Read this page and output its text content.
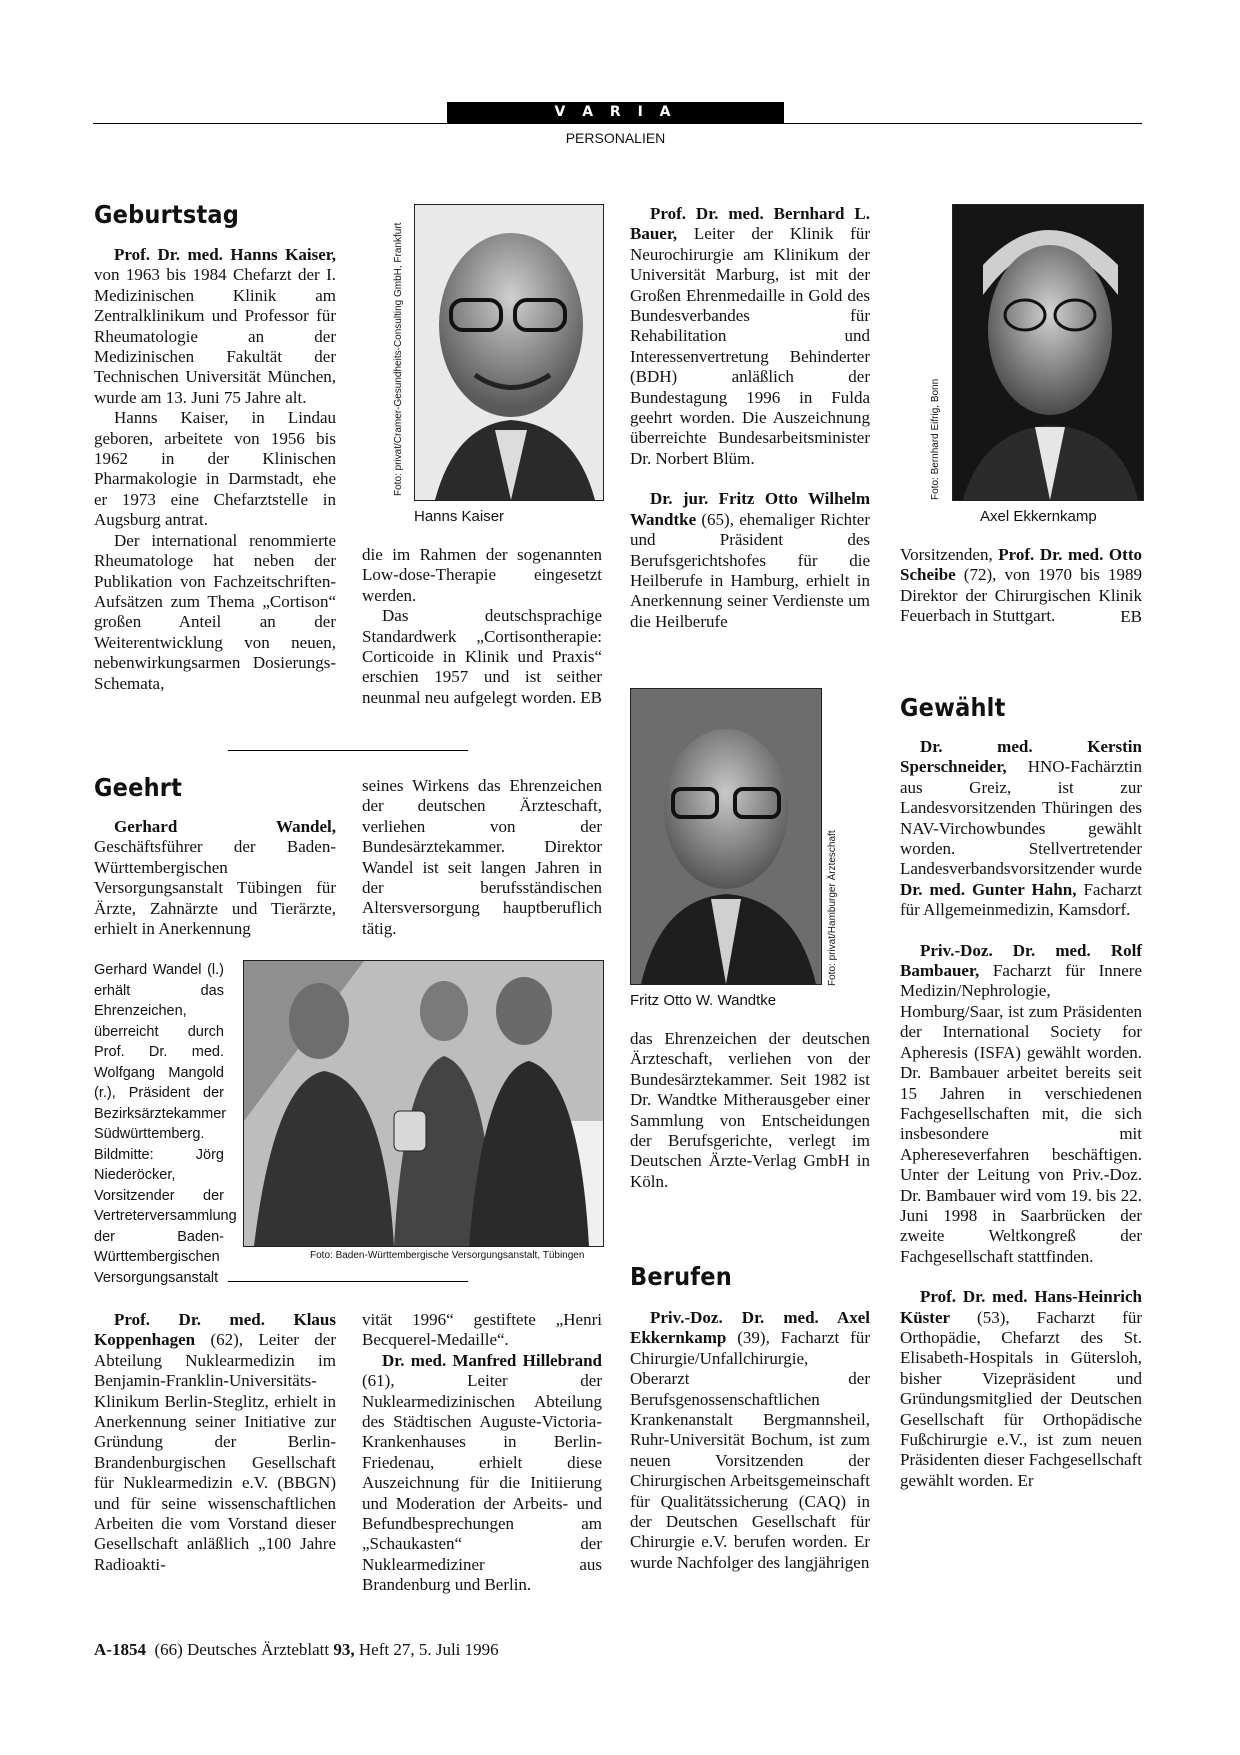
V A R I A
PERSONALIEN
Geburtstag

Prof. Dr. med. Hanns Kaiser, von 1963 bis 1984 Chefarzt der I. Medizinischen Klinik am Zentralklinikum und Professor für Rheumatologie an der Medizinischen Fakultät der Technischen Universität München, wurde am 13. Juni 75 Jahre alt.

Hanns Kaiser, in Lindau geboren, arbeitete von 1956 bis 1962 in der Klinischen Pharmakologie in Darmstadt, ehe er 1973 eine Chefarztstelle in Augsburg antrat.

Der international renommierte Rheumatologe hat neben der Publikation von Fachzeitschriften-Aufsätzen zum Thema „Cortison“ großen Anteil an der Weiterentwicklung von neuen, nebenwirkungsarmen Dosierungs-Schemata,

Foto: privat/Cramer-Gesundheits-Consulting GmbH, Frankfurt
Hanns Kaiser

die im Rahmen der sogenannten Low-dose-Therapie eingesetzt werden.

Das deutschsprachige Standardwerk „Cortisontherapie: Corticoide in Klinik und Praxis“ erschien 1957 und ist seither neunmal neu aufgelegt worden. EB
Geehrt

Gerhard Wandel, Geschäftsführer der Baden-Württembergischen Versorgungsanstalt Tübingen für Ärzte, Zahnärzte und Tierärzte, erhielt in Anerkennung

seines Wirkens das Ehrenzeichen der deutschen Ärzteschaft, verliehen von der Bundesärztekammer. Direktor Wandel ist seit langen Jahren in der berufsständischen Altersversorgung hauptberuflich tätig.

Gerhard Wandel (l.) erhält das Ehrenzeichen, überreicht durch Prof. Dr. med. Wolfgang Mangold (r.), Präsident der Bezirksärztekammer Südwürttemberg. Bildmitte: Jörg Niederöcker, Vorsitzender der Vertreterversammlung der Baden-Württembergischen Versorgungsanstalt
Foto: Baden-Württembergische Versorgungsanstalt, Tübingen

Prof. Dr. med. Klaus Koppenhagen (62), Leiter der Abteilung Nuklearmedizin im Benjamin-Franklin-Universitäts-Klinikum Berlin-Steglitz, erhielt in Anerkennung seiner Initiative zur Gründung der Berlin-Brandenburgischen Gesellschaft für Nuklearmedizin e.V. (BBGN) und für seine wissenschaftlichen Arbeiten die vom Vorstand dieser Gesellschaft anläßlich „100 Jahre Radioakti-

vität 1996“ gestiftete „Henri Becquerel-Medaille“.

Dr. med. Manfred Hillebrand (61), Leiter der Nuklearmedizinischen Abteilung des Städtischen Auguste-Victoria-Krankenhauses in Berlin-Friedenau, erhielt diese Auszeichnung für die Initiierung und Moderation der Arbeits- und Befundbesprechungen am „Schaukasten“ der Nuklearmediziner aus Brandenburg und Berlin.

Prof. Dr. med. Bernhard L. Bauer, Leiter der Klinik für Neurochirurgie am Klinikum der Universität Marburg, ist mit der Großen Ehrenmedaille in Gold des Bundesverbandes für Rehabilitation und Interessenvertretung Behinderter (BDH) anläßlich der Bundestagung 1996 in Fulda geehrt worden. Die Auszeichnung überreichte Bundesarbeitsminister Dr. Norbert Blüm.

Dr. jur. Fritz Otto Wilhelm Wandtke (65), ehemaliger Richter und Präsident des Berufsgerichtshofes für die Heilberufe in Hamburg, erhielt in Anerkennung seiner Verdienste um die Heilberufe

Foto: privat/Hamburger Ärzteschaft
Fritz Otto W. Wandtke

das Ehrenzeichen der deutschen Ärzteschaft, verliehen von der Bundesärztekammer. Seit 1982 ist Dr. Wandtke Mitherausgeber einer Sammlung von Entscheidungen der Berufsgerichte, verlegt im Deutschen Ärzte-Verlag GmbH in Köln.

Berufen

Priv.-Doz. Dr. med. Axel Ekkernkamp (39), Facharzt für Chirurgie/Unfallchirurgie, Oberarzt der Berufsgenossenschaftlichen Krankenanstalt Bergmannsheil, Ruhr-Universität Bochum, ist zum neuen Vorsitzenden der Chirurgischen Arbeitsgemeinschaft für Qualitätssicherung (CAQ) in der Deutschen Gesellschaft für Chirurgie e.V. berufen worden. Er wurde Nachfolger des langjährigen

Foto: Bernhard Eifrig, Bonn
Axel Ekkernkamp

Vorsitzenden, Prof. Dr. med. Otto Scheibe (72), von 1970 bis 1989 Direktor der Chirurgischen Klinik Feuerbach in Stuttgart.	EB
Gewählt

Dr. med. Kerstin Sperschneider, HNO-Fachärztin aus Greiz, ist zur Landesvorsitzenden Thüringen des NAV-Virchowbundes gewählt worden. Stellvertretender Landesverbandsvorsitzender wurde Dr. med. Gunter Hahn, Facharzt für Allgemeinmedizin, Kamsdorf.

Priv.-Doz. Dr. med. Rolf Bambauer, Facharzt für Innere Medizin/Nephrologie, Homburg/Saar, ist zum Präsidenten der International Society for Apheresis (ISFA) gewählt worden. Dr. Bambauer arbeitet bereits seit 15 Jahren in verschiedenen Fachgesellschaften mit, die sich insbesondere mit Aphereseverfahren beschäftigen. Unter der Leitung von Priv.-Doz. Dr. Bambauer wird vom 19. bis 22. Juni 1998 in Saarbrücken der zweite Weltkongreß der Fachgesellschaft stattfinden.

Prof. Dr. med. Hans-Heinrich Küster (53), Facharzt für Orthopädie, Chefarzt des St. Elisabeth-Hospitals in Gütersloh, bisher Vizepräsident und Gründungsmitglied der Deutschen Gesellschaft für Orthopädische Fußchirurgie e.V., ist zum neuen Präsidenten dieser Fachgesellschaft gewählt worden. Er

A-1854 (66) Deutsches Ärzteblatt 93, Heft 27, 5. Juli 1996
